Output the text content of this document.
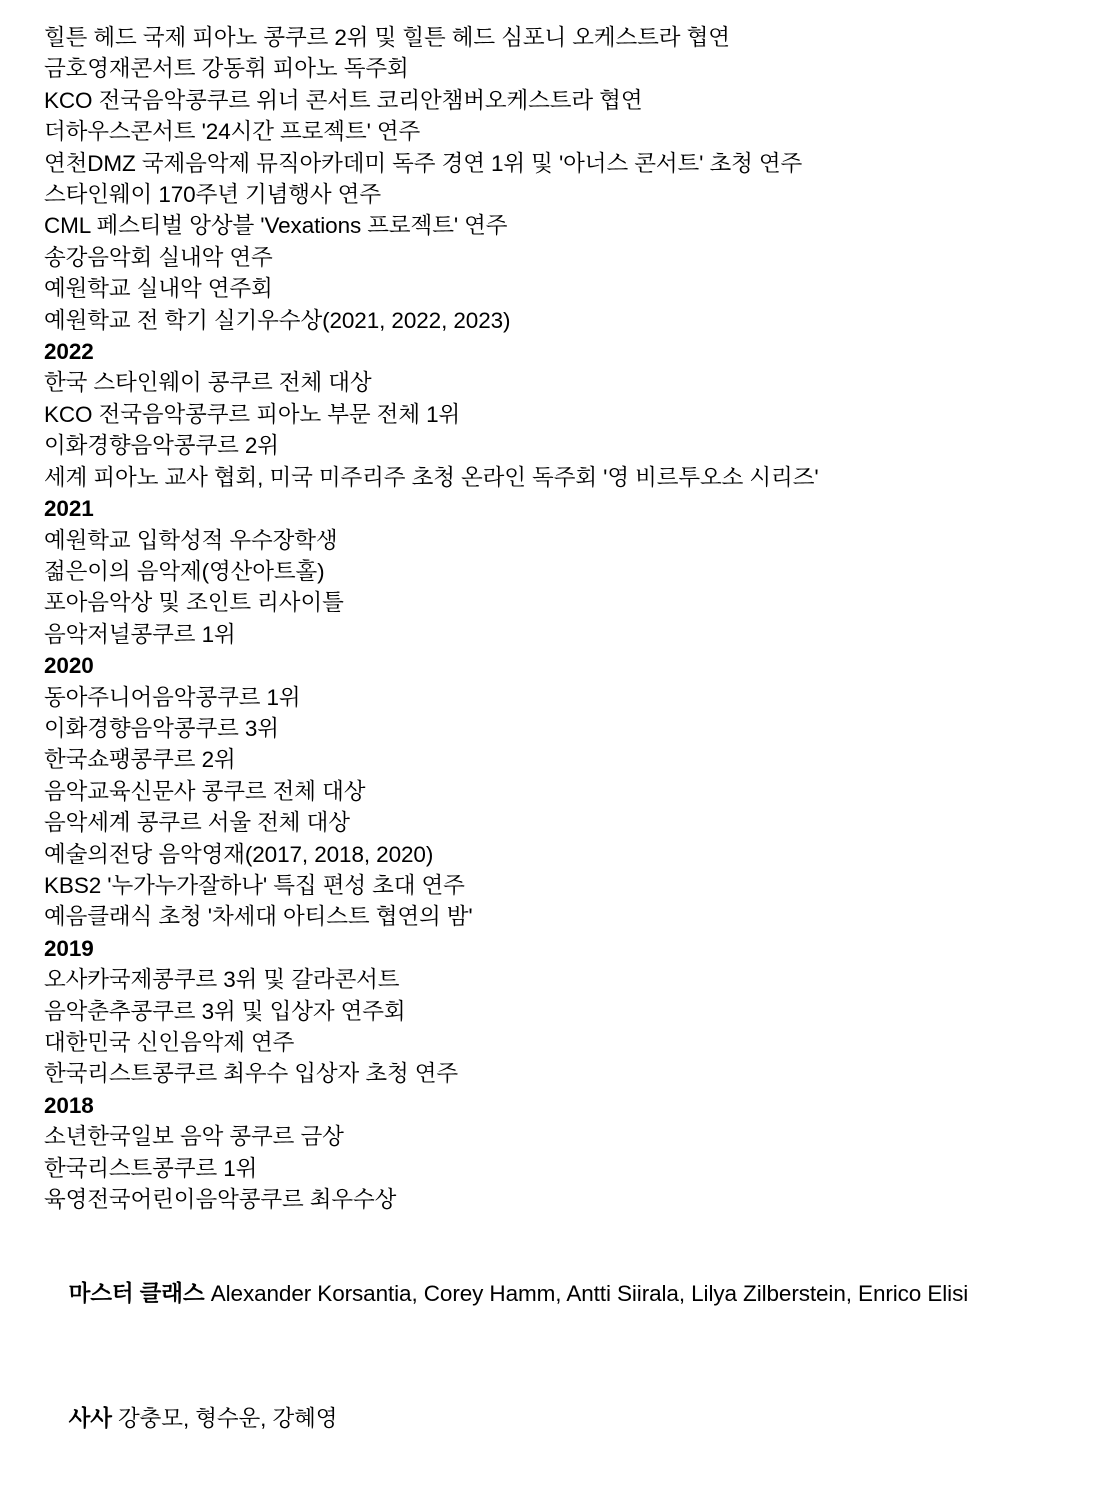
힐튼 헤드 국제 피아노 콩쿠르 2위 및 힐튼 헤드 심포니 오케스트라 협연
금호영재콘서트 강동휘 피아노 독주회
KCO 전국음악콩쿠르 위너 콘서트 코리안챔버오케스트라 협연
더하우스콘서트 '24시간 프로젝트' 연주
연천DMZ 국제음악제 뮤직아카데미 독주 경연 1위 및 '아너스 콘서트' 초청 연주
스타인웨이 170주년 기념행사 연주
CML 페스티벌 앙상블 'Vexations 프로젝트' 연주
송강음악회 실내악 연주
예원학교 실내악 연주회
예원학교 전 학기 실기우수상(2021, 2022, 2023)
2022
한국 스타인웨이 콩쿠르 전체 대상
KCO 전국음악콩쿠르 피아노 부문 전체 1위
이화경향음악콩쿠르 2위
세계 피아노 교사 협회, 미국 미주리주 초청 온라인 독주회 '영 비르투오소 시리즈'
2021
예원학교 입학성적 우수장학생
젊은이의 음악제(영산아트홀)
포아음악상 및 조인트 리사이틀
음악저널콩쿠르 1위
2020
동아주니어음악콩쿠르 1위
이화경향음악콩쿠르 3위
한국쇼팽콩쿠르 2위
음악교육신문사 콩쿠르 전체 대상
음악세계 콩쿠르 서울 전체 대상
예술의전당 음악영재(2017, 2018, 2020)
KBS2 '누가누가잘하나' 특집 편성 초대 연주
예음클래식 초청 '차세대 아티스트 협연의 밤'
2019
오사카국제콩쿠르 3위 및 갈라콘서트
음악춘추콩쿠르 3위 및 입상자 연주회
대한민국 신인음악제 연주
한국리스트콩쿠르 최우수 입상자 초청 연주
2018
소년한국일보 음악 콩쿠르 금상
한국리스트콩쿠르 1위
육영전국어린이음악콩쿠르 최우수상

마스터 클래스 Alexander Korsantia, Corey Hamm, Antti Siirala, Lilya Zilberstein, Enrico Elisi

사사 강충모, 형수운, 강혜영
